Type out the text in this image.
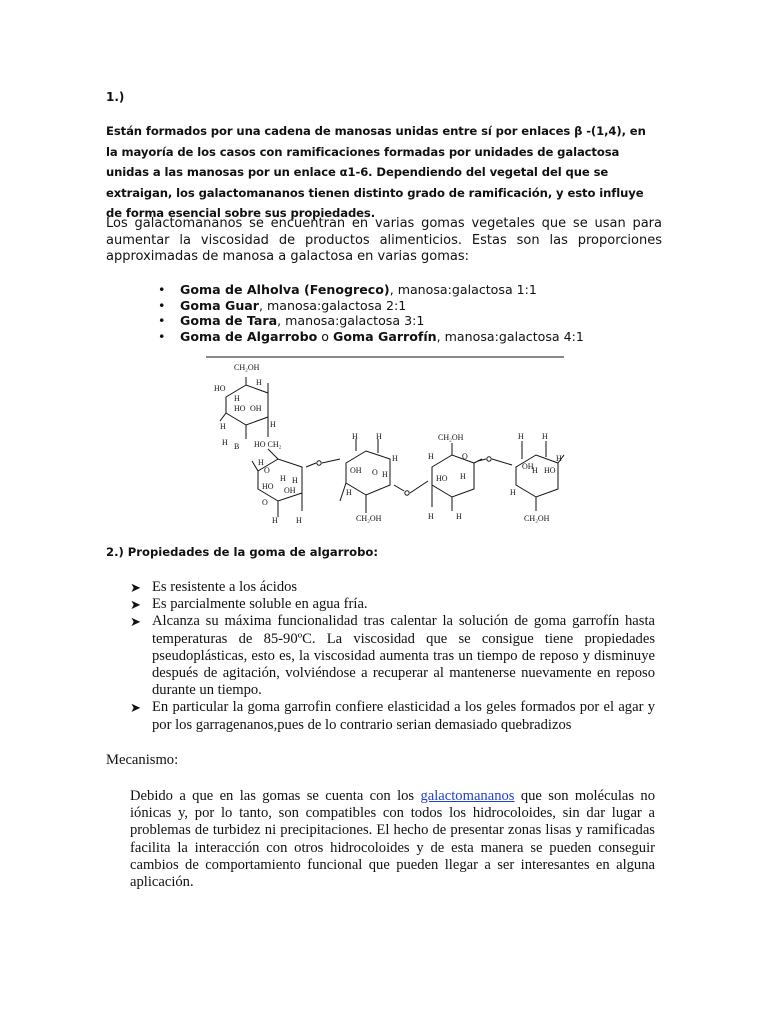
1.)
Están formados por una cadena de manosas unidas entre sí por enlaces β -(1,4), en la mayoría de los casos con ramificaciones formadas por unidades de galactosa unidas a las manosas por un enlace α1-6. Dependiendo del vegetal del que se extraigan, los galactomananos tienen distinto grado de ramificación, y esto influye de forma esencial sobre sus propiedades.
Los galactomananos se encuentran en varias gomas vegetales que se usan para aumentar la viscosidad de productos alimenticios. Estas son las proporciones approximadas de manosa a galactosa en varias gomas:
• Goma de Alholva (Fenogreco), manosa:galactosa 1:1
• Goma Guar, manosa:galactosa 2:1
• Goma de Tara, manosa:galactosa 3:1
• Goma de Algarrobo o Goma Garrofín, manosa:galactosa 4:1
CH₂OH
HO
H
H
HO OH
H	H
B
H	HO CH₂
H
O
H H
HO OH
O
H H
H H
OH O
H
H
H
CH₂OH
CH₂OH
H	O
HO H
H	H
H H
OH
H HO
H
H
CH₂OH
2.) Propiedades de la goma de algarrobo:
➤ Es resistente a los ácidos
➤ Es parcialmente soluble en agua fría.
➤ Alcanza su máxima funcionalidad tras calentar la solución de goma garrofín hasta temperaturas de 85-90ºC. La viscosidad que se consigue tiene propiedades pseudoplásticas, esto es, la viscosidad aumenta tras un tiempo de reposo y disminuye después de agitación, volviéndose a recuperar al mantenerse nuevamente en reposo durante un tiempo.
➤ En particular la goma garrofin confiere elasticidad a los geles formados por el agar y por los garragenanos,pues de lo contrario serian demasiado quebradizos
Mecanismo:
Debido a que en las gomas se cuenta con los galactomananos que son moléculas no iónicas y, por lo tanto, son compatibles con todos los hidrocoloides, sin dar lugar a problemas de turbidez ni precipitaciones. El hecho de presentar zonas lisas y ramificadas facilita la interacción con otros hidrocoloides y de esta manera se pueden conseguir cambios de comportamiento funcional que pueden llegar a ser interesantes en alguna aplicación.
